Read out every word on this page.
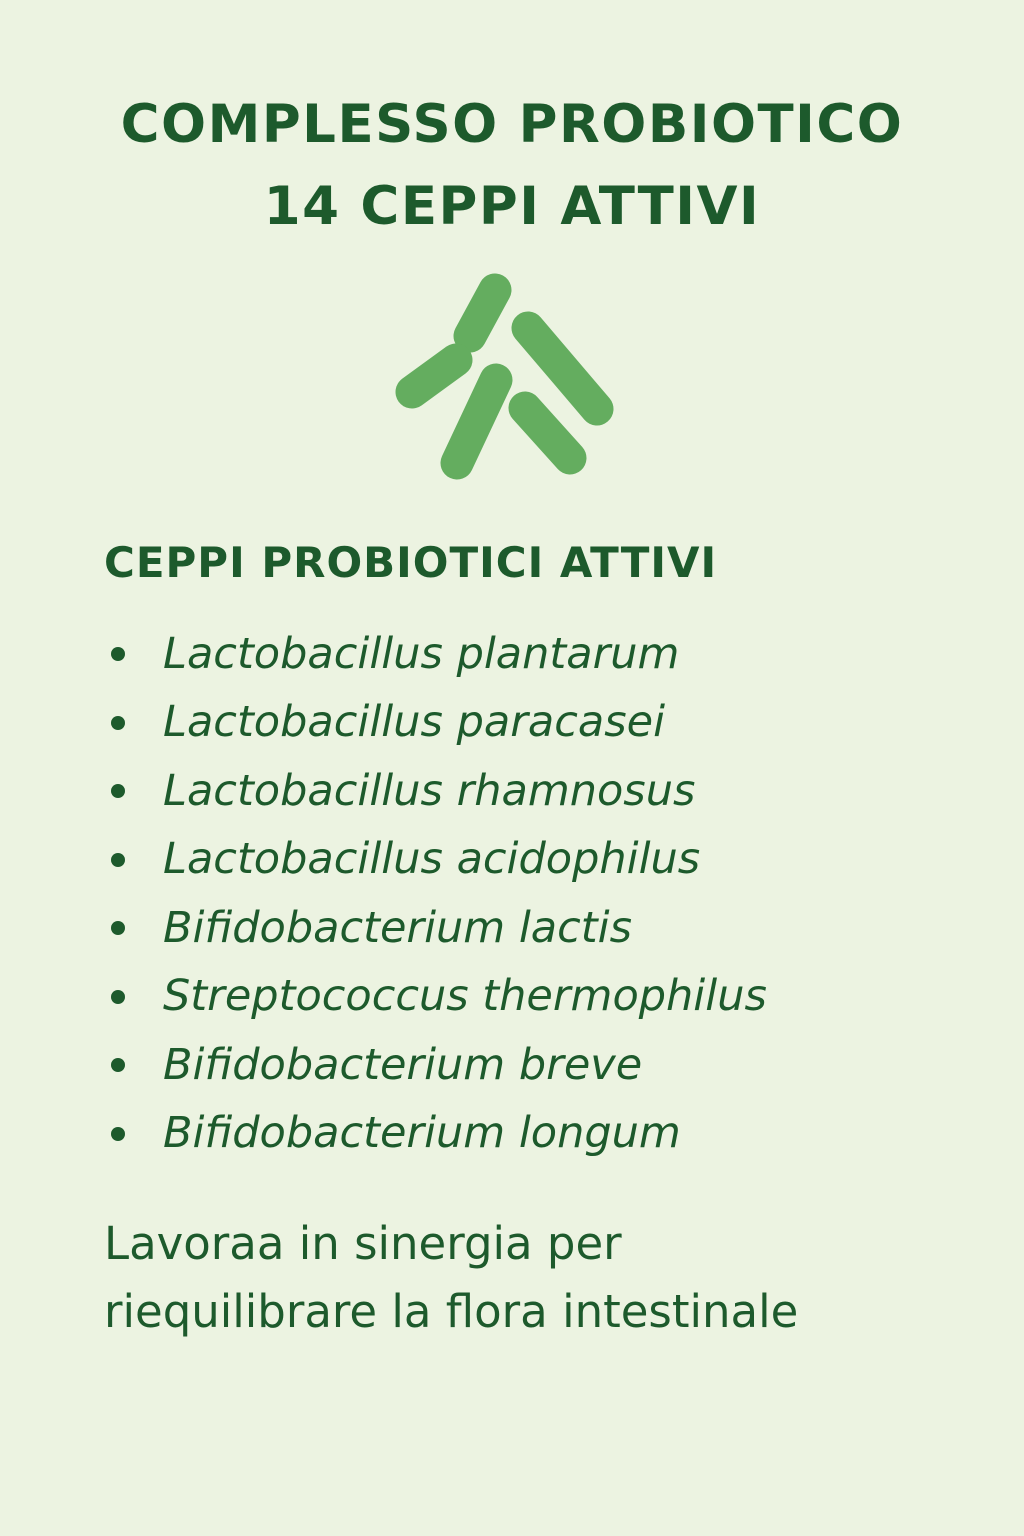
COMPLESSO PROBIOTICO
14 CEPPI ATTIVI
CEPPI PROBIOTICI ATTIVI
Lactobacillus plantarum
Lactobacillus paracasei
Lactobacillus rhamnosus
Lactobacillus acidophilus
Bifidobacterium lactis
Streptococcus thermophilus
Bifidobacterium breve
Bifidobacterium longum

Lavoraa in sinergia per
riequilibrare la flora intestinale
